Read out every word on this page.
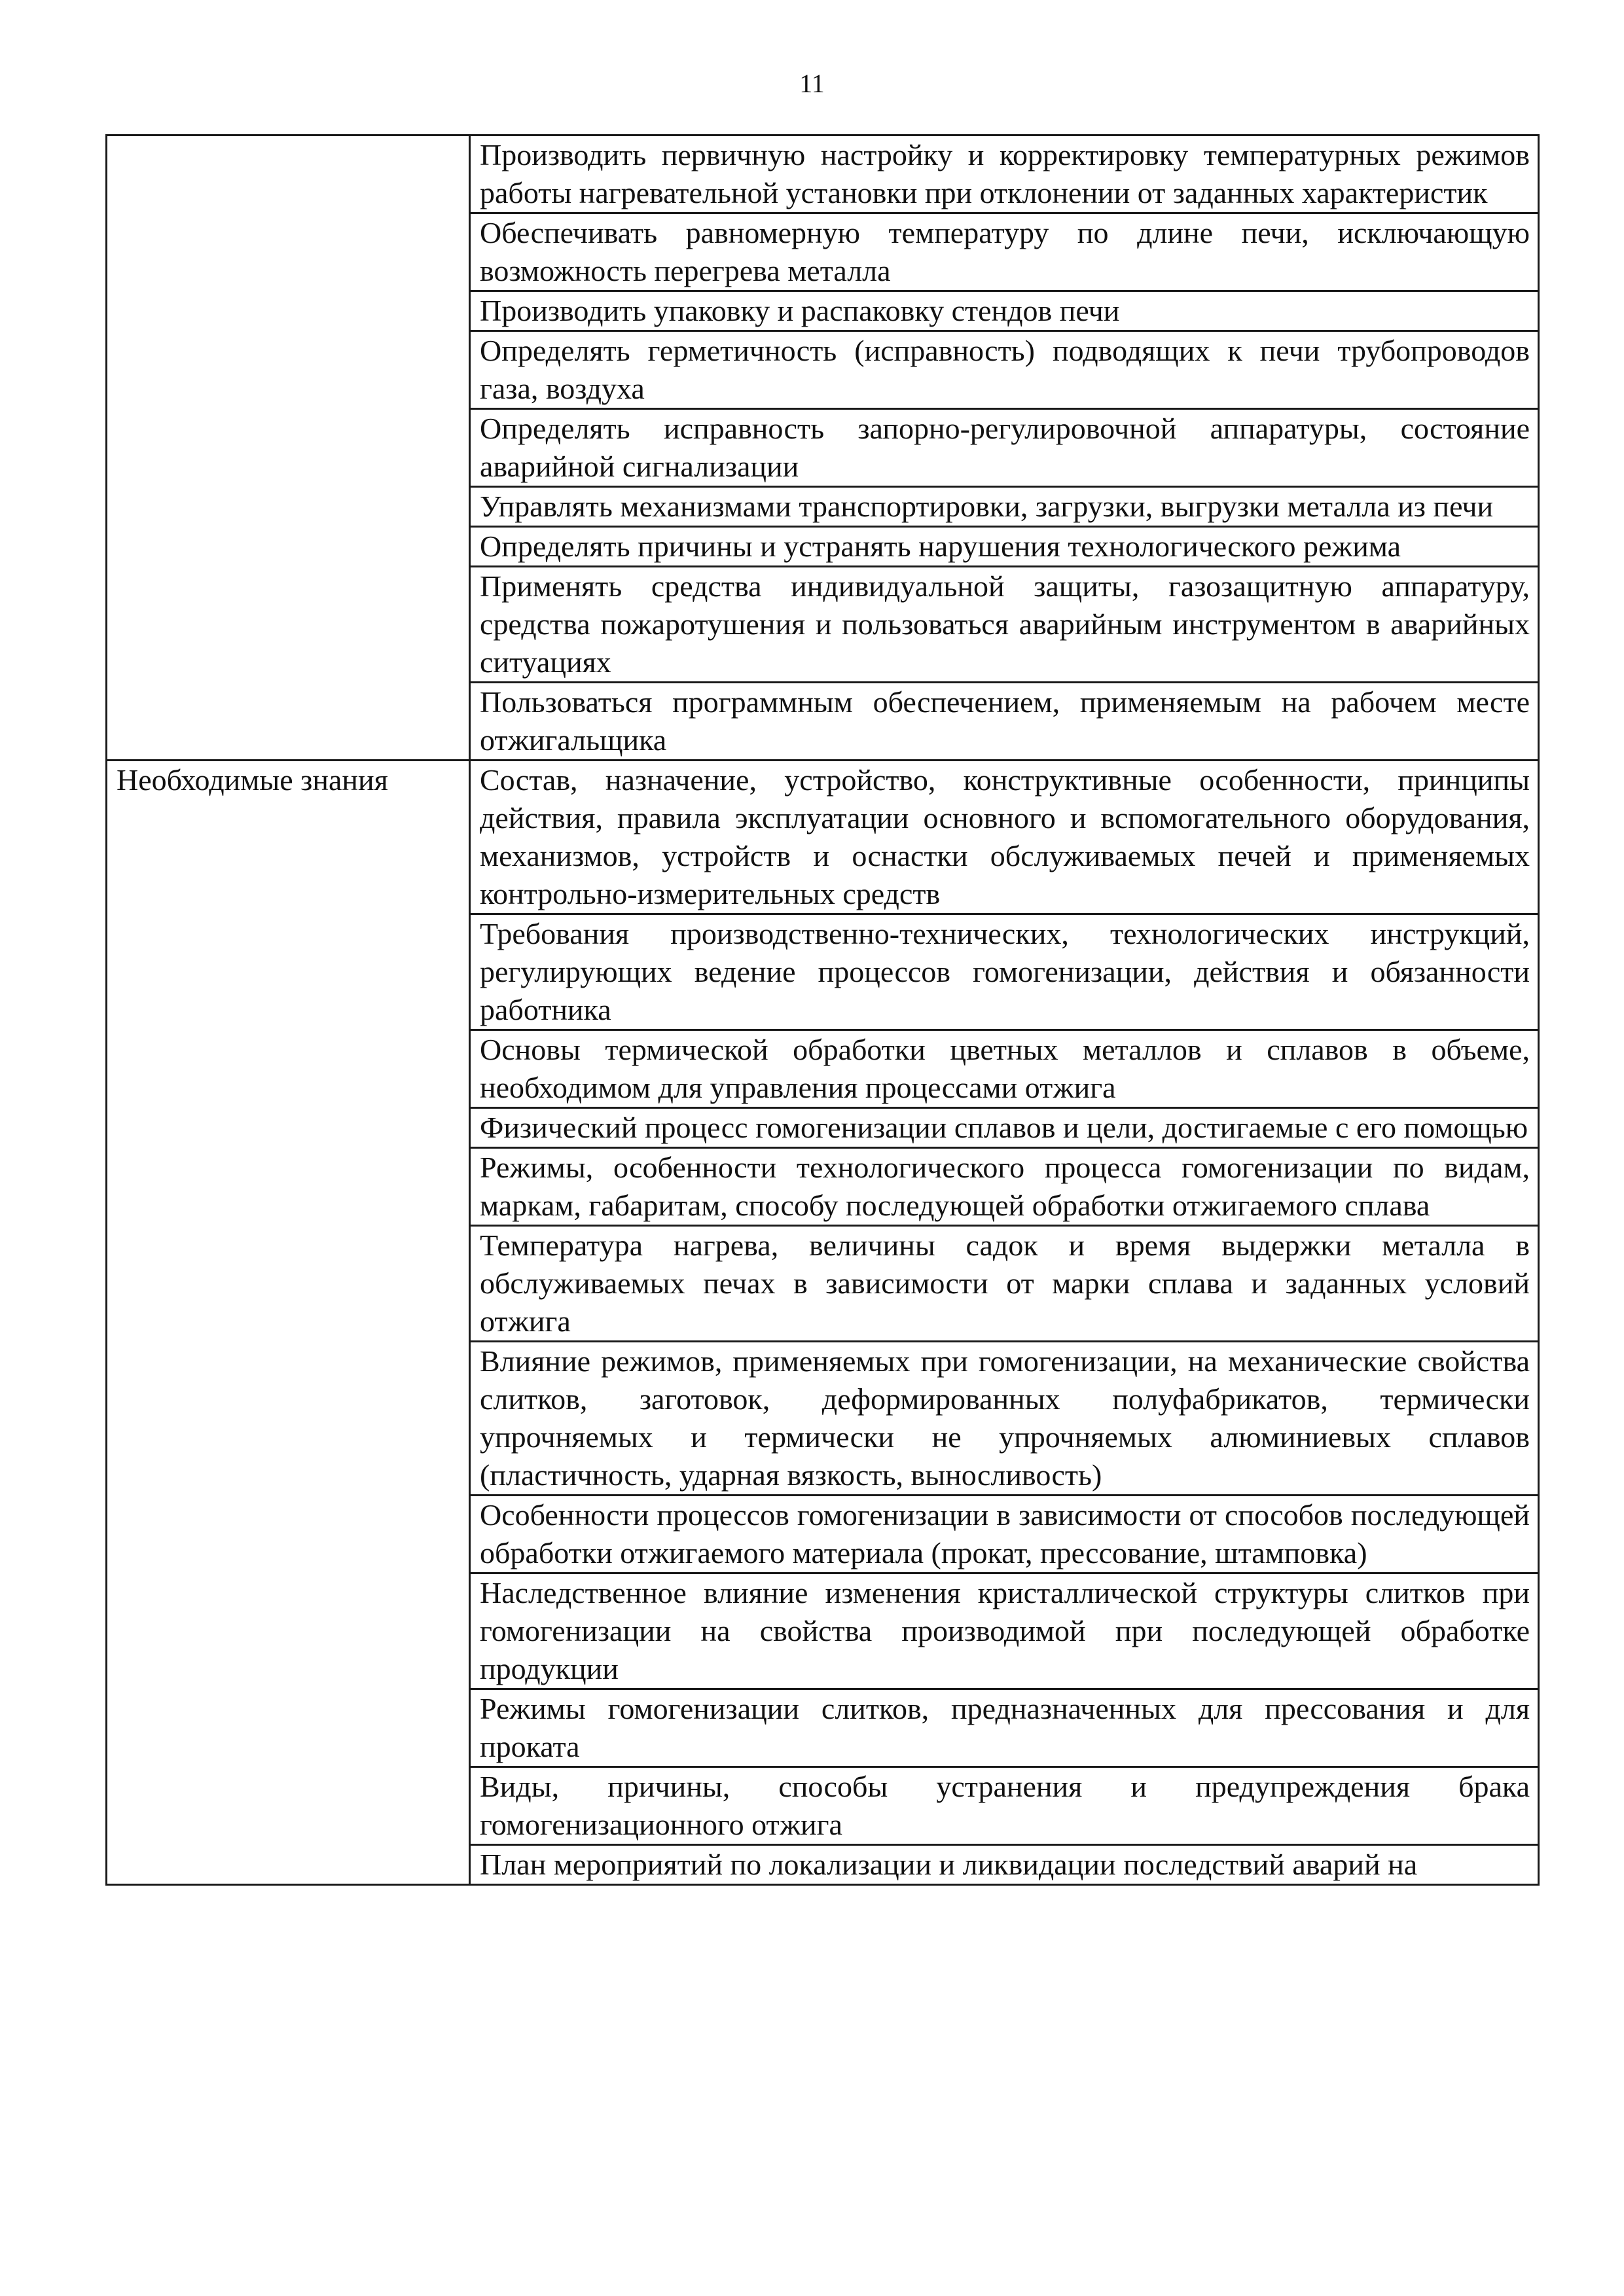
11
	Производить первичную настройку и корректировку температурных режимов работы нагревательной установки при отклонении от заданных характеристик
	Обеспечивать равномерную температуру по длине печи, исключающую возможность перегрева металла
	Производить упаковку и распаковку стендов печи
	Определять герметичность (исправность) подводящих к печи трубопроводов газа, воздуха
	Определять исправность запорно-регулировочной аппаратуры, состояние аварийной сигнализации
	Управлять механизмами транспортировки, загрузки, выгрузки металла из печи
	Определять причины и устранять нарушения технологического режима
	Применять средства индивидуальной защиты, газозащитную аппаратуру, средства пожаротушения и пользоваться аварийным инструментом в аварийных ситуациях
	Пользоваться программным обеспечением, применяемым на рабочем месте отжигальщика
Необходимые знания	Состав, назначение, устройство, конструктивные особенности, принципы действия, правила эксплуатации основного и вспомогательного оборудования, механизмов, устройств и оснастки обслуживаемых печей и применяемых контрольно-измерительных средств
	Требования производственно-технических, технологических инструкций, регулирующих ведение процессов гомогенизации, действия и обязанности работника
	Основы термической обработки цветных металлов и сплавов в объеме, необходимом для управления процессами отжига
	Физический процесс гомогенизации сплавов и цели, достигаемые с его помощью
	Режимы, особенности технологического процесса гомогенизации по видам, маркам, габаритам, способу последующей обработки отжигаемого сплава
	Температура нагрева, величины садок и время выдержки металла в обслуживаемых печах в зависимости от марки сплава и заданных условий отжига
	Влияние режимов, применяемых при гомогенизации, на механические свойства слитков, заготовок, деформированных полуфабрикатов, термически упрочняемых и термически не упрочняемых алюминиевых сплавов (пластичность, ударная вязкость, выносливость)
	Особенности процессов гомогенизации в зависимости от способов последующей обработки отжигаемого материала (прокат, прессование, штамповка)
	Наследственное влияние изменения кристаллической структуры слитков при гомогенизации на свойства производимой при последующей обработке продукции
	Режимы гомогенизации слитков, предназначенных для прессования и для проката
	Виды, причины, способы устранения и предупреждения брака гомогенизационного отжига
	План мероприятий по локализации и ликвидации последствий аварий на
